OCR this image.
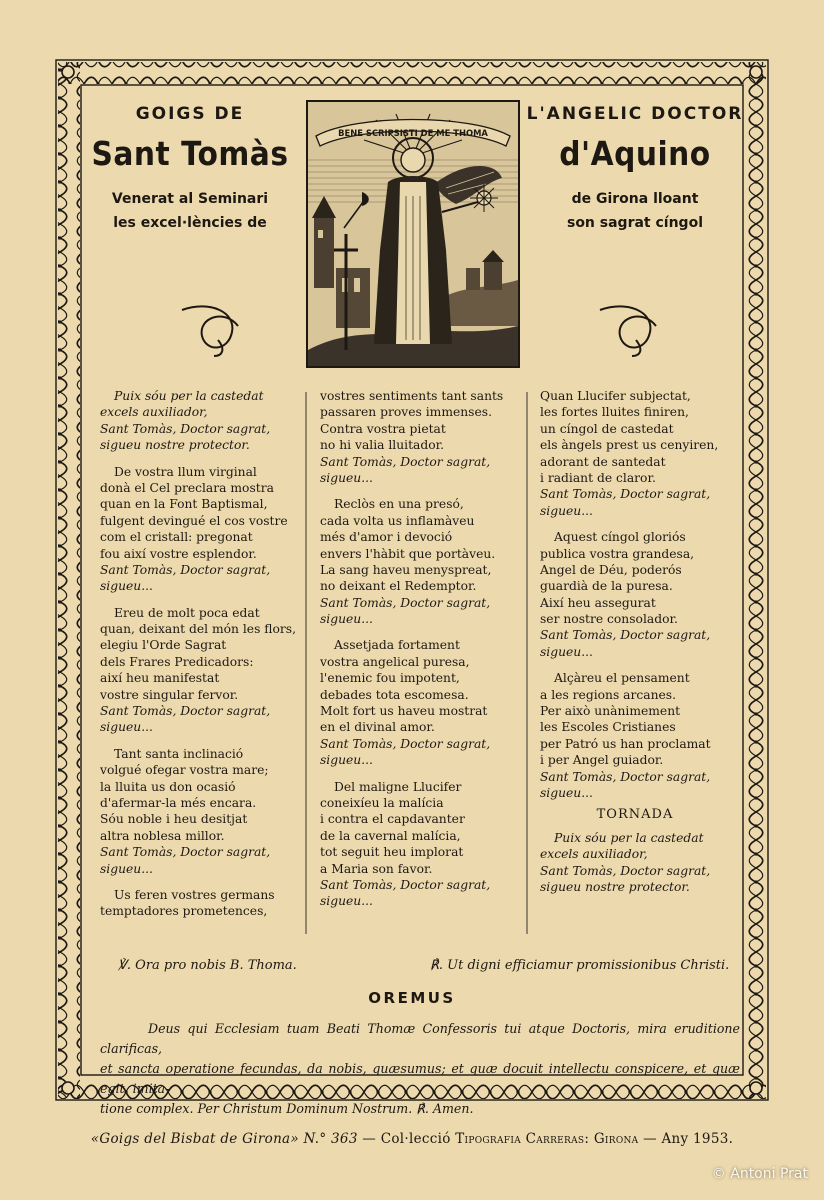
GOIGS DE
Sant Tomàs
Venerat al Seminari
les excel·lències de
L'ANGELIC DOCTOR
d'Aquino
de Girona lloant
son sagrat cíngol
BENE SCRIPSISTI DE ME THOMA
Puix sóu per la castedat
excels auxiliador,
Sant Tomàs, Doctor sagrat,
sigueu nostre protector.
De vostra llum virginal
donà el Cel preclara mostra
quan en la Font Baptismal,
fulgent devingué el cos vostre
com el cristall: pregonat
fou així vostre esplendor.
Sant Tomàs, Doctor sagrat,
sigueu...
Ereu de molt poca edat
quan, deixant del món les flors,
elegiu l'Orde Sagrat
dels Frares Predicadors:
així heu manifestat
vostre singular fervor.
Sant Tomàs, Doctor sagrat,
sigueu...
Tant santa inclinació
volgué ofegar vostra mare;
la lluita us don ocasió
d'afermar-la més encara.
Sóu noble i heu desitjat
altra noblesa millor.
Sant Tomàs, Doctor sagrat,
sigueu...
Us feren vostres germans
temptadores prometences,
vostres sentiments tant sants
passaren proves immenses.
Contra vostra pietat
no hi valia lluitador.
Sant Tomàs, Doctor sagrat,
sigueu...
Reclòs en una presó,
cada volta us inflamàveu
més d'amor i devoció
envers l'hàbit que portàveu.
La sang haveu menyspreat,
no deixant el Redemptor.
Sant Tomàs, Doctor sagrat,
sigueu...
Assetjada fortament
vostra angelical puresa,
l'enemic fou impotent,
debades tota escomesa.
Molt fort us haveu mostrat
en el divinal amor.
Sant Tomàs, Doctor sagrat,
sigueu...
Del maligne Llucifer
coneixíeu la malícia
i contra el capdavanter
de la cavernal malícia,
tot seguit heu implorat
a Maria son favor.
Sant Tomàs, Doctor sagrat,
sigueu...
Quan Llucifer subjectat,
les fortes lluites finiren,
un cíngol de castedat
els àngels prest us cenyiren,
adorant de santedat
i radiant de claror.
Sant Tomàs, Doctor sagrat,
sigueu...
Aquest cíngol gloriós
publica vostra grandesa,
Angel de Déu, poderós
guardià de la puresa.
Així heu assegurat
ser nostre consolador.
Sant Tomàs, Doctor sagrat,
sigueu...
Alçàreu el pensament
a les regions arcanes.
Per això unànimement
les Escoles Cristianes
per Patró us han proclamat
i per Angel guiador.
Sant Tomàs, Doctor sagrat,
sigueu...
TORNADA
Puix sóu per la castedat
excels auxiliador,
Sant Tomàs, Doctor sagrat,
sigueu nostre protector.
℣. Ora pro nobis B. Thoma.	℟. Ut digni efficiamur promissionibus Christi.
OREMUS
Deus qui Ecclesiam tuam Beati Thomæ Confessoris tui atque Doctoris, mira eruditione clarificas,
et sancta operatione fecundas, da nobis, quæsumus; et quæ docuit intellectu conspicere, et quæ egit. imita-
tione complex. Per Christum Dominum Nostrum. ℟. Amen.
«Goigs del Bisbat de Girona» N.° 363 — Col·lecció Tipografia Carreras: Girona — Any 1953.
© Antoni Prat
